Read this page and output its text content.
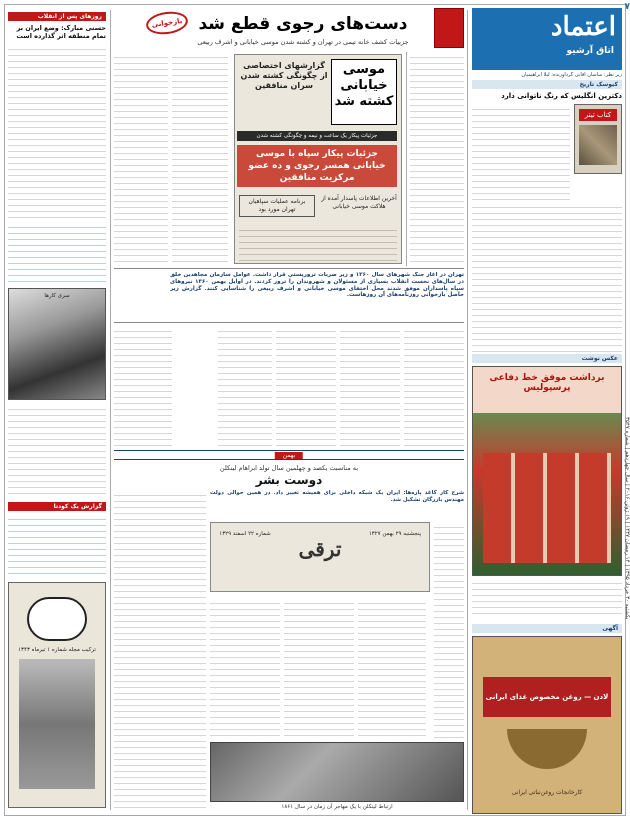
اعتماد
اتاق آرشیو
زیر نظر: ساسان آقایی گردآورنده: لیلا ابراهیمیان
یکشنبه ۳۰ خرداد ۱۳۹۵ | ۱۴ رمضان ۱۴۳۷ | ۱۹ ژوئن ۲۰۱۶ | سال چهاردهم | شماره ۳۵۴۷
۷
کیوسک تاریخ
دکترین انگلیس که رنگ ناتوانی دارد
کتاب تیتر
عکس نوشت
برداشت موفق خط دفاعی پرسپولیس
آگهی
لادن — روغن مخصوص غذای ایرانی
کارخانجات روغن‌نباتی ایرانی
بازخوانی دست‌های رجوی قطع شد
جزییات کشف خانه تیمی در تهران و کشته شدن موسی خیابانی و اشرف ربیعی
موسی خیابانی کشته شد
گزارشهای اختصاصی از چگونگی کشته شدن سران منافقین
جزئیات پیکار یک ساعت و نیمه و چگونگی کشته شدن
جزئیات پیکار سپاه با موسی خیابانی همسر رجوی و ده عضو مرکزیت منافقین
آخرین اطلاعات پاسدار آمده از هلاکت موسی خیابانی
برنامه عملیات سپاهیان تهران مورد بود
تهران در آغاز جنگ شهرهای سال ۱۳۶۰ و زیر ضربات تروریستی قرار داشت. عوامل سازمان مجاهدین خلق در سال‌های نخست انقلاب بسیاری از مسئولان و شهروندان را ترور کردند. در اوایل بهمن ۱۳۶۰ نیروهای سپاه پاسداران موفق شدند محل اختفای موسی خیابانی و اشرف ربیعی را شناسایی کنند. گزارش زیر حاصل بازخوانی روزنامه‌های آن روزهاست.
بهمن
به مناسبت یکصد و چهلمین سال تولد ابراهام لینکلن
دوست بشر
شرح کار کاغذ پاره‌ها: ایران یک شبکه داخلی برای همیشه تغییر داد. در همین حوالی دولت مهندس بازرگان تشکیل شد.
پنجشنبه ۲۹ بهمن ۱۳۲۷
ترقی
شماره ۲۲ اسفند ۱۳۲۹
ارتباط لینکلن با یک مهاجر آن زمان در سال ۱۸۶۱
روزهای پس از انقلاب
حسنی مبارک: وضع ایران بر تمام منطقه اثر گذارده است
سری کارها
گزارش یک کودتا
ترکیب مجله شماره ۱ تیرماه ۱۳۴۳
